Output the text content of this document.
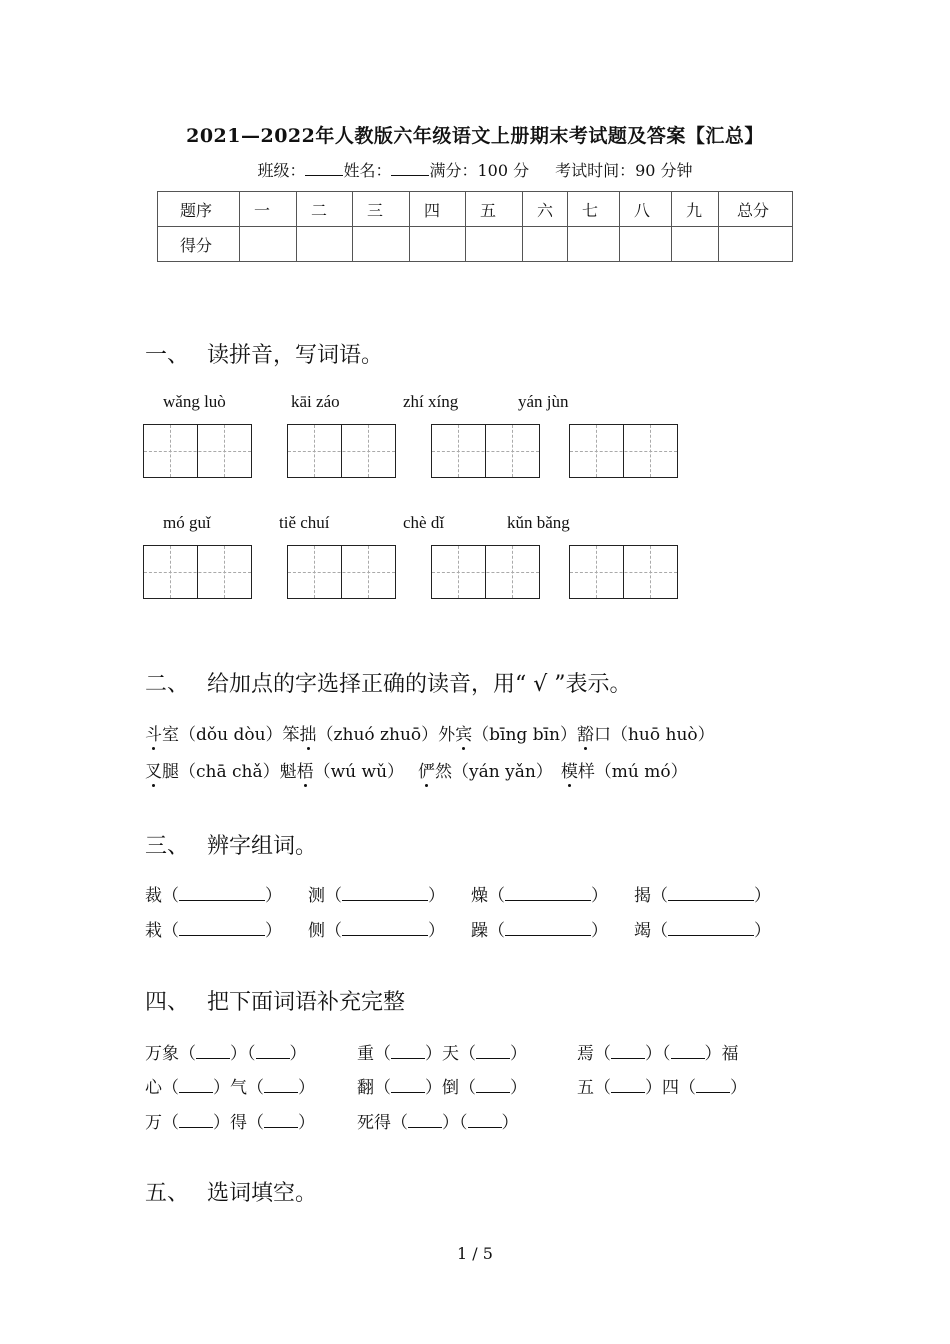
2021—2022年人教版六年级语文上册期末考试题及答案【汇总】
班级： 姓名： 满分：100 分 考试时间：90 分钟
题序	一	二	三	四	五	六	七	八	九	总分
得分										
一、 读拼音，写词语。
wǎng luò	kāi záo	zhí xíng	yán jùn
mó guǐ	tiě chuí	chè dǐ	kǔn bǎng
二、 给加点的字选择正确的读音，用“ √ ”表示。
斗室（dǒu dòu）笨拙（zhuó zhuō）外宾（bīng bīn）豁口（huō huò）
叉腿（chā chǎ）魁梧（wú wǔ） 俨然（yán yǎn） 模样（mú mó）
三、 辨字组词。
裁（	） 测（	） 燥（	） 揭（	）
栽（	） 侧（	） 躁（	） 竭（	）
四、 把下面词语补充完整
万象（ ）（ ）	重（ ）天（ ）	焉（ ）（ ）福
心（ ）气（ ） 翻（ ）倒（ ）	五（ ）四（ ）
万（ ）得（ ） 死得（ ）（ ）
五、 选词填空。
1 / 5
